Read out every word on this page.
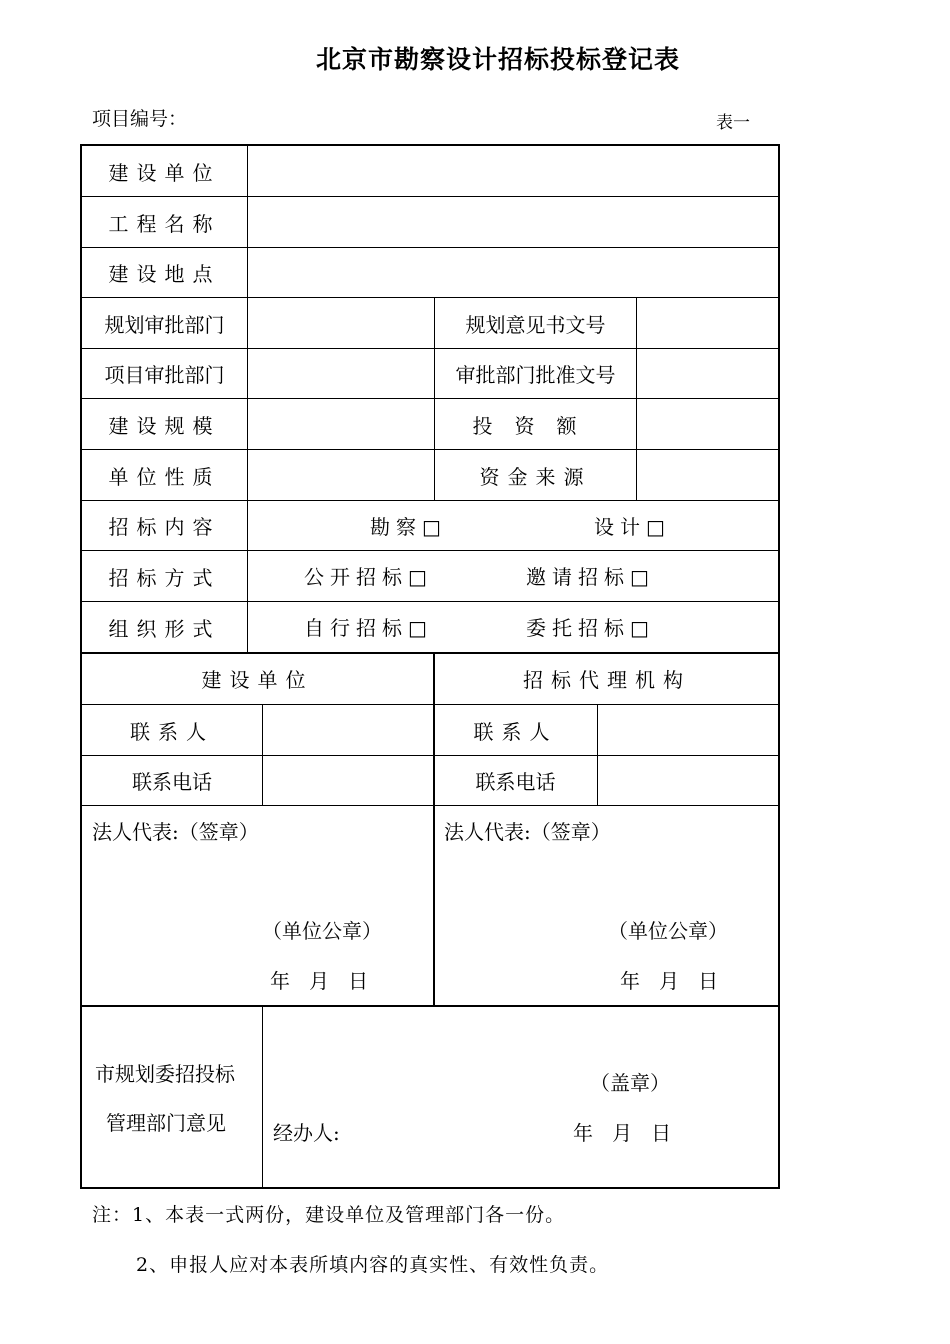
北京市勘察设计招标投标登记表
项目编号：	表一
建设单位
工程名称
建设地点
规划审批部门	规划意见书文号
项目审批部门	审批部门批准文号
建设规模	投资额
单位性质	资金来源
招标内容	勘察□	设计□
招标方式	公开招标□	邀请招标□
组织形式	自行招标□	委托招标□
建设单位	招标代理机构
联系人	联系人
联系电话	联系电话
法人代表:（签章）	法人代表:（签章）
（单位公章）	（单位公章）
年   月   日	年   月   日
市规划委招投标
管理部门意见
（盖章）
经办人:	年   月   日
注：1、本表一式两份，建设单位及管理部门各一份。
2、申报人应对本表所填内容的真实性、有效性负责。
